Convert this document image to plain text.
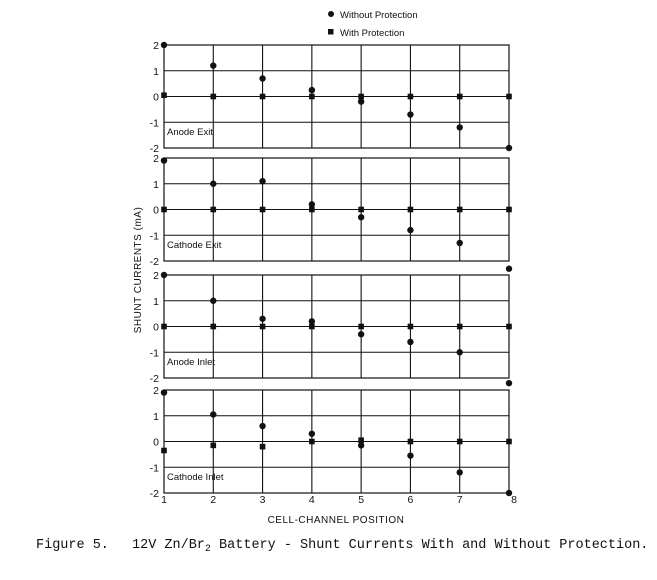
Without Protection
With Protection
2
1
0
-1
-2
Anode Exit
2
1
0
-1
-2
Cathode Exit
2
1
0
-1
-2
Anode Inlet
2
1
0
-1
-2
Cathode Inlet
1	2	3	4	5	6	7	8
SHUNT CURRENTS (mA)
CELL-CHANNEL POSITION
Figure 5. 12V $Zn/Br_2$ Battery - Shunt Currents With and Without Protection.
